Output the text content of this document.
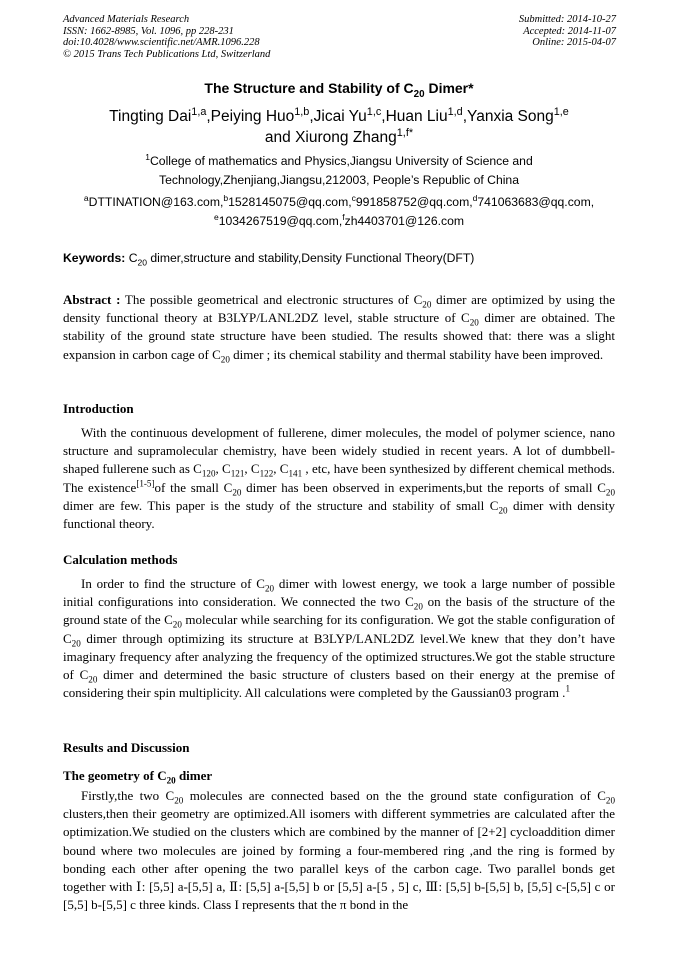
Advanced Materials Research
ISSN: 1662-8985, Vol. 1096, pp 228-231
doi:10.4028/www.scientific.net/AMR.1096.228
© 2015 Trans Tech Publications Ltd, Switzerland
Submitted: 2014-10-27
Accepted: 2014-11-07
Online: 2015-04-07
The Structure and Stability of $C_{20}$ Dimer*
Tingting Dai$^{1,a}$,Peiying Huo$^{1,b}$,Jicai Yu$^{1,c}$,Huan Liu$^{1,d}$,Yanxia Song$^{1,e}$
and Xiurong Zhang$^{1,f*}$
$^1$College of mathematics and Physics,Jiangsu University of Science and
Technology,Zhenjiang,Jiangsu,212003, People’s Republic of China
$^a$DTTINATION@163.com,$^b$1528145075@qq.com,$^c$991858752@qq.com,$^d$741063683@qq.com,
$^e$1034267519@qq.com,$^f$zh4403701@126.com
Keywords: $C_{20}$ dimer,structure and stability,Density Functional Theory(DFT)

Abstract : The possible geometrical and electronic structures of $C_{20}$ dimer are optimized by using the density functional theory at B3LYP/LANL2DZ level, stable structure of $C_{20}$ dimer are obtained. The stability of the ground state structure have been studied. The results showed that: there was a slight expansion in carbon cage of $C_{20}$ dimer ; its chemical stability and thermal stability have been improved.

Introduction

With the continuous development of fullerene, dimer molecules, the model of polymer science, nano structure and supramolecular chemistry, have been widely studied in recent years. A lot of dumbbell-shaped fullerene such as $C_{120}$, $C_{121}$, $C_{122}$, $C_{141}$ , etc, have been synthesized by different chemical methods. The existence[1-5]of the small $C_{20}$ dimer has been observed in experiments,but the reports of small $C_{20}$ dimer are few. This paper is the study of the structure and stability of small $C_{20}$ dimer with density functional theory.

Calculation methods

In order to find the structure of $C_{20}$ dimer with lowest energy, we took a large number of possible initial configurations into consideration. We connected the two $C_{20}$ on the basis of the structure of the ground state of the $C_{20}$ molecular while searching for its configuration. We got the stable configuration of $C_{20}$ dimer through optimizing its structure at B3LYP/LANL2DZ level.We knew that they don’t have imaginary frequency after analyzing the frequency of the optimized structures.We got the stable structure of $C_{20}$ dimer and determined the basic structure of clusters based on their energy at the premise of considering their spin multiplicity. All calculations were completed by the Gaussian03 program .$^1$

Results and Discussion
The geometry of $C_{20}$ dimer

Firstly,the two $C_{20}$ molecules are connected based on the the ground state configuration of $C_{20}$ clusters,then their geometry are optimized.All isomers with different symmetries are calculated after the optimization.We studied on the clusters which are combined by the manner of [2+2] cycloaddition dimer bound where two molecules are joined by forming a four-membered ring ,and the ring is formed by bonding each other after opening the two parallel keys of the carbon cage. Two parallel bonds get together with Ⅰ: [5,5] a-[5,5] a, Ⅱ: [5,5] a-[5,5] b or [5,5] a-[5 , 5] c, Ⅲ: [5,5] b-[5,5] b, [5,5] c-[5,5] c or [5,5] b-[5,5] c three kinds. Class I represents that the π bond in the
